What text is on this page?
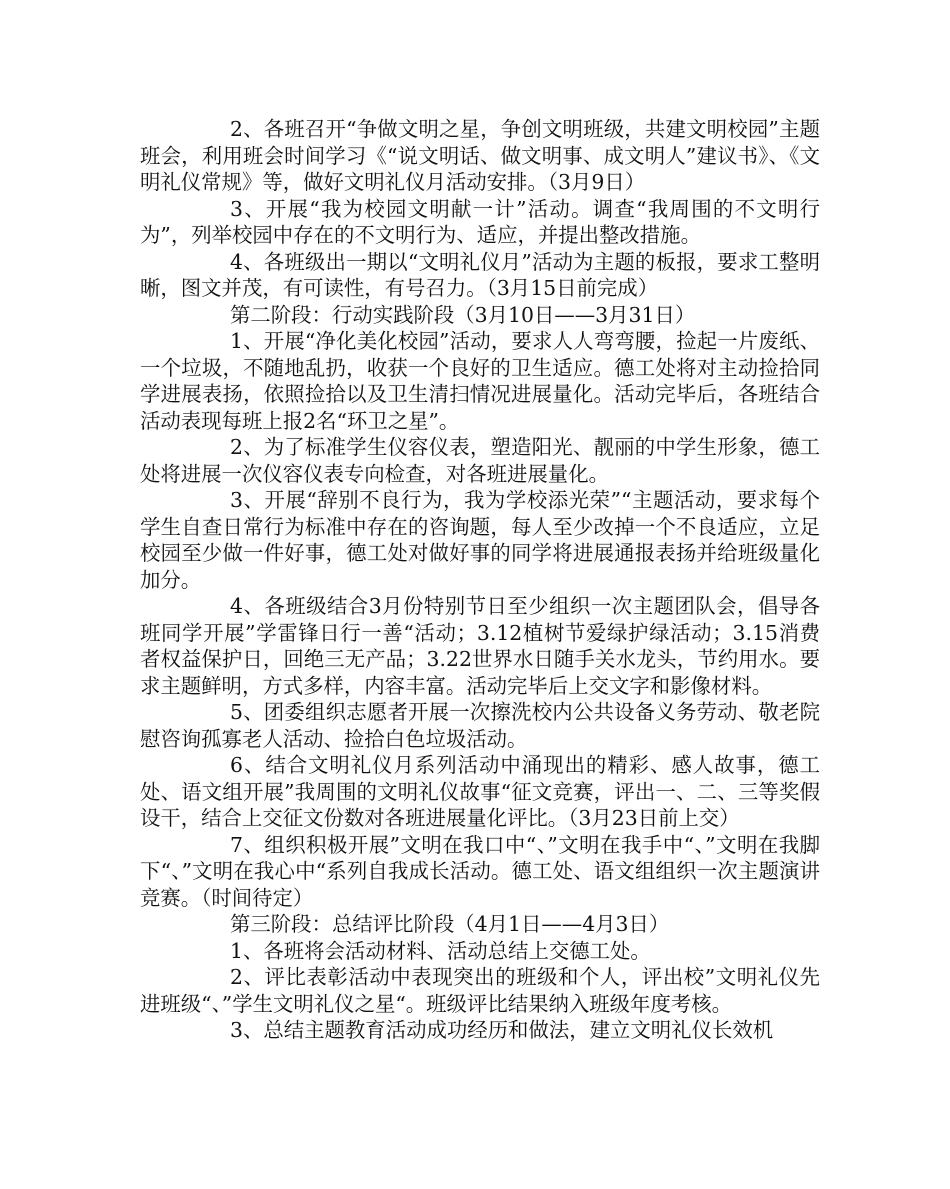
2、各班召开“争做文明之星，争创文明班级，共建文明校园”主题班会，利用班会时间学习《“说文明话、做文明事、成文明人”建议书》、《文明礼仪常规》等，做好文明礼仪月活动安排。（3月9日）

3、开展“我为校园文明献一计”活动。调查“我周围的不文明行为”，列举校园中存在的不文明行为、适应，并提出整改措施。

4、各班级出一期以“文明礼仪月”活动为主题的板报，要求工整明晰，图文并茂，有可读性，有号召力。（3月15日前完成）

第二阶段：行动实践阶段（3月10日——3月31日）

1、开展“净化美化校园”活动，要求人人弯弯腰，捡起一片废纸、一个垃圾，不随地乱扔，收获一个良好的卫生适应。德工处将对主动捡拾同学进展表扬，依照捡拾以及卫生清扫情况进展量化。活动完毕后，各班结合活动表现每班上报2名“环卫之星”。

2、为了标准学生仪容仪表，塑造阳光、靓丽的中学生形象，德工处将进展一次仪容仪表专向检查，对各班进展量化。

3、开展“辞别不良行为，我为学校添光荣”“主题活动，要求每个学生自查日常行为标准中存在的咨询题，每人至少改掉一个不良适应，立足校园至少做一件好事，德工处对做好事的同学将进展通报表扬并给班级量化加分。

4、各班级结合3月份特别节日至少组织一次主题团队会，倡导各班同学开展”学雷锋日行一善“活动；3.12植树节爱绿护绿活动；3.15消费者权益保护日，回绝三无产品；3.22世界水日随手关水龙头，节约用水。要求主题鲜明，方式多样，内容丰富。活动完毕后上交文字和影像材料。

5、团委组织志愿者开展一次擦洗校内公共设备义务劳动、敬老院慰咨询孤寡老人活动、捡拾白色垃圾活动。

6、结合文明礼仪月系列活动中涌现出的精彩、感人故事，德工处、语文组开展”我周围的文明礼仪故事“征文竞赛，评出一、二、三等奖假设干，结合上交征文份数对各班进展量化评比。（3月23日前上交）

7、组织积极开展”文明在我口中“、”文明在我手中“、”文明在我脚下“、”文明在我心中“系列自我成长活动。德工处、语文组组织一次主题演讲竞赛。（时间待定）

第三阶段：总结评比阶段（4月1日——4月3日）

1、各班将会活动材料、活动总结上交德工处。

2、评比表彰活动中表现突出的班级和个人，评出校”文明礼仪先进班级“、”学生文明礼仪之星“。班级评比结果纳入班级年度考核。

3、总结主题教育活动成功经历和做法，建立文明礼仪长效机
